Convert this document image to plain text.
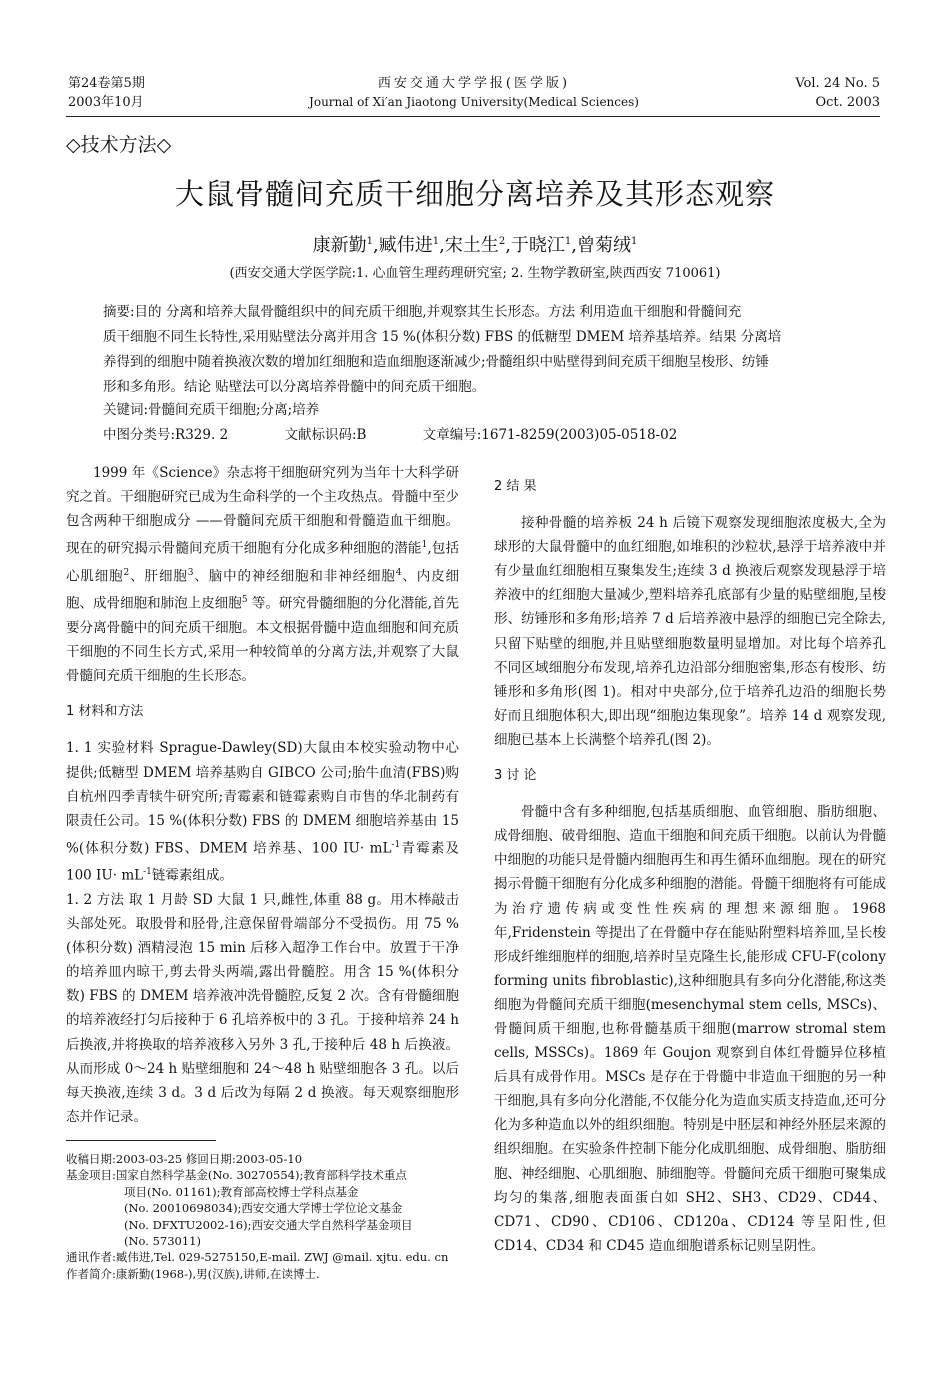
第24卷第5期
2003年10月
西安交通大学学报(医学版)
Journal of Xi′an Jiaotong University(Medical Sciences)
Vol. 24 No. 5
Oct. 2003
◇技术方法◇
大鼠骨髓间充质干细胞分离培养及其形态观察
康新勤$^1$,臧伟进$^1$,宋土生$^2$,于晓江$^1$,曾菊绒$^1$
(西安交通大学医学院:1. 心血管生理药理研究室; 2. 生物学教研室,陕西西安 710061)

摘要:目的 分离和培养大鼠骨髓组织中的间充质干细胞,并观察其生长形态。方法 利用造血干细胞和骨髓间充

质干细胞不同生长特性,采用贴壁法分离并用含 15 %(体积分数) FBS 的低糖型 DMEM 培养基培养。结果 分离培

养得到的细胞中随着换液次数的增加红细胞和造血细胞逐渐减少;骨髓组织中贴壁得到间充质干细胞呈梭形、纺锤

形和多角形。结论 贴壁法可以分离培养骨髓中的间充质干细胞。

关键词:骨髓间充质干细胞;分离;培养
中图分类号:R329. 2	文献标识码:B	文章编号:1671-8259(2003)05-0518-02

1999 年《Science》杂志将干细胞研究列为当年十大科学研究之首。干细胞研究已成为生命科学的一个主攻热点。骨髓中至少包含两种干细胞成分 ——骨髓间充质干细胞和骨髓造血干细胞。现在的研究揭示骨髓间充质干细胞有分化成多种细胞的潜能$^1$,包括心肌细胞$^2$、肝细胞$^3$、脑中的神经细胞和非神经细胞$^4$、内皮细胞、成骨细胞和肺泡上皮细胞$^5$ 等。研究骨髓细胞的分化潜能,首先要分离骨髓中的间充质干细胞。本文根据骨髓中造血细胞和间充质干细胞的不同生长方式,采用一种较简单的分离方法,并观察了大鼠骨髓间充质干细胞的生长形态。

1 材料和方法

1. 1 实验材料 Sprague-Dawley(SD)大鼠由本校实验动物中心提供;低糖型 DMEM 培养基购自 GIBCO 公司;胎牛血清(FBS)购自杭州四季青犊牛研究所;青霉素和链霉素购自市售的华北制药有限责任公司。15 %(体积分数) FBS 的 DMEM 细胞培养基由 15 %(体积分数) FBS、DMEM 培养基、100 $IU\cdot mL^{-1}$青霉素及 100 $IU\cdot mL^{-1}$链霉素组成。

1. 2 方法 取 1 月龄 SD 大鼠 1 只,雌性,体重 88 g。用木棒敲击头部处死。取股骨和胫骨,注意保留骨端部分不受损伤。用 75 %(体积分数) 酒精浸泡 15 min 后移入超净工作台中。放置于干净的培养皿内晾干,剪去骨头两端,露出骨髓腔。用含 15 %(体积分数) FBS 的 DMEM 培养液冲洗骨髓腔,反复 2 次。含有骨髓细胞的培养液经打匀后接种于 6 孔培养板中的 3 孔。于接种培养 24 h 后换液,并将换取的培养液移入另外 3 孔,于接种后 48 h 后换液。从而形成 0～24 h 贴壁细胞和 24～48 h 贴壁细胞各 3 孔。以后每天换液,连续 3 d。3 d 后改为每隔 2 d 换液。每天观察细胞形态并作记录。

2 结 果

接种骨髓的培养板 24 h 后镜下观察发现细胞浓度极大,全为球形的大鼠骨髓中的血红细胞,如堆积的沙粒状,悬浮于培养液中并有少量血红细胞相互聚集发生;连续 3 d 换液后观察发现悬浮于培养液中的红细胞大量减少,塑料培养孔底部有少量的贴壁细胞,呈梭形、纺锤形和多角形;培养 7 d 后培养液中悬浮的细胞已完全除去,只留下贴壁的细胞,并且贴壁细胞数量明显增加。对比每个培养孔不同区域细胞分布发现,培养孔边沿部分细胞密集,形态有梭形、纺锤形和多角形(图 1)。相对中央部分,位于培养孔边沿的细胞长势好而且细胞体积大,即出现“细胞边集现象”。培养 14 d 观察发现,细胞已基本上长满整个培养孔(图 2)。

3 讨 论

骨髓中含有多种细胞,包括基质细胞、血管细胞、脂肪细胞、成骨细胞、破骨细胞、造血干细胞和间充质干细胞。以前认为骨髓中细胞的功能只是骨髓内细胞再生和再生循环血细胞。现在的研究揭示骨髓干细胞有分化成多种细胞的潜能。骨髓干细胞将有可能成为治疗遗传病或变性性疾病的理想来源细胞。1968 年,Fridenstein 等提出了在骨髓中存在能贴附塑料培养皿,呈长梭形成纤维细胞样的细胞,培养时呈克隆生长,能形成 CFU-F(colony forming units fibroblastic),这种细胞具有多向分化潜能,称这类细胞为骨髓间充质干细胞(mesenchymal stem cells, MSCs)、骨髓间质干细胞,也称骨髓基质干细胞(marrow stromal stem cells, MSSCs)。1869 年 Goujon 观察到自体红骨髓异位移植后具有成骨作用。MSCs 是存在于骨髓中非造血干细胞的另一种干细胞,具有多向分化潜能,不仅能分化为造血实质支持造血,还可分化为多种造血以外的组织细胞。特别是中胚层和神经外胚层来源的组织细胞。在实验条件控制下能分化成肌细胞、成骨细胞、脂肪细胞、神经细胞、心肌细胞、肺细胞等。骨髓间充质干细胞可聚集成均匀的集落,细胞表面蛋白如 SH2、SH3、CD29、CD44、CD71、CD90、CD106、CD120a、CD124 等呈阳性,但 CD14、CD34 和 CD45 造血细胞谱系标记则呈阴性。

收稿日期:2003-03-25 修回日期:2003-05-10
基金项目:国家自然科学基金(No. 30270554);教育部科学技术重点
项目(No. 01161);教育部高校博士学科点基金
(No. 20010698034);西安交通大学博士学位论文基金
(No. DFXTU2002-16);西安交通大学自然科学基金项目
(No. 573011)
通讯作者:臧伟进,Tel. 029-5275150,E-mail. ZWJ @mail. xjtu. edu. cn
作者简介:康新勤(1968-),男(汉族),讲师,在读博士.
